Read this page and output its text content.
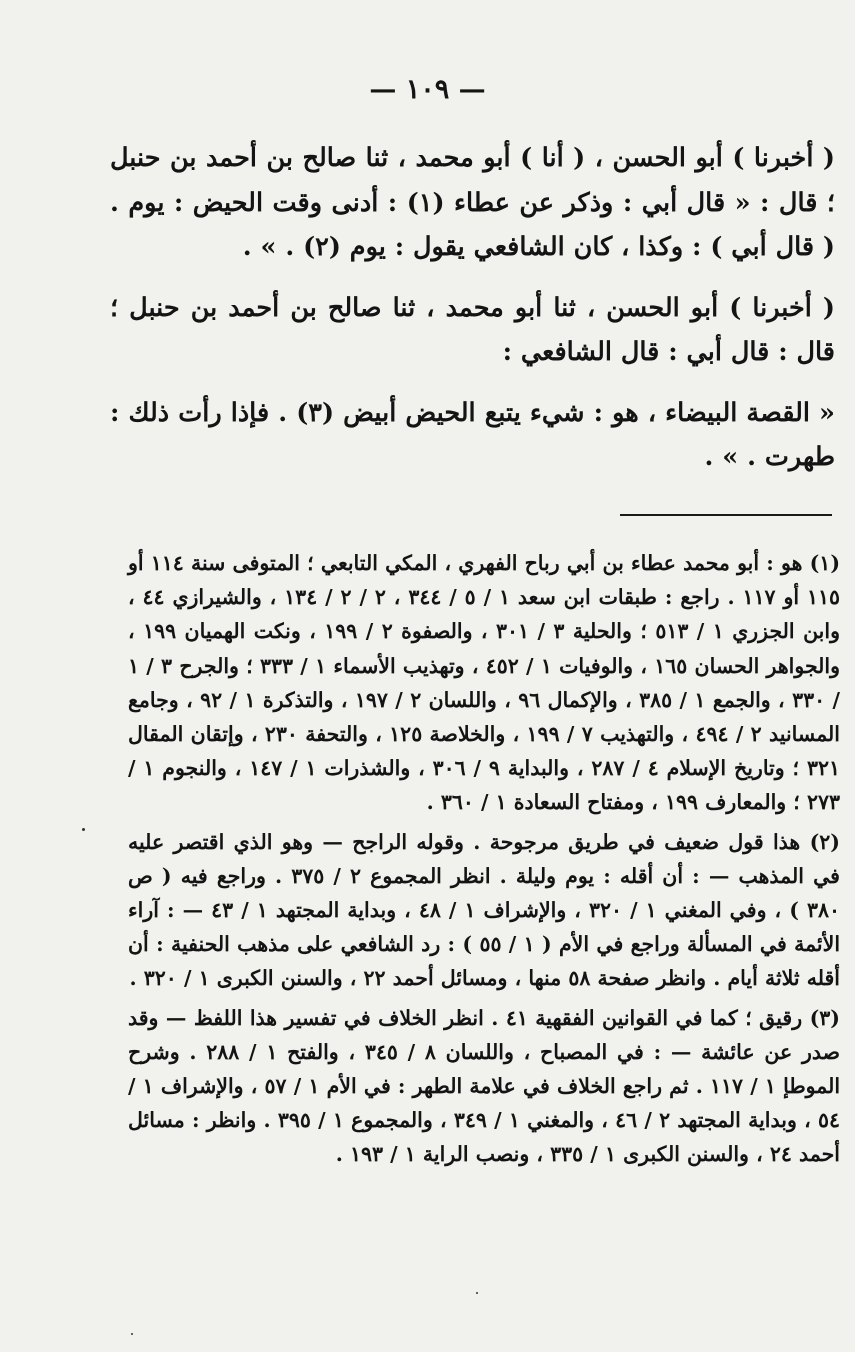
— ١٠٩ —

( أخبرنا ) أبو الحسن ، ( أنا ) أبو محمد ، ثنا صالح بن أحمد بن حنبل ؛ قال : « قال أبي : وذكر عن عطاء (١) : أدنى وقت الحيض : يوم . ( قال أبي ) : وكذا ، كان الشافعي يقول : يوم (٢) . » .

( أخبرنا ) أبو الحسن ، ثنا أبو محمد ، ثنا صالح بن أحمد بن حنبل ؛ قال : قال أبي : قال الشافعي :

« القصة البيضاء ، هو : شيء يتبع الحيض أبيض (٣) . فإذا رأت ذلك : طهرت . » .

(١) هو : أبو محمد عطاء بن أبي رباح الفهري ، المكي التابعي ؛ المتوفى سنة ١١٤ أو ١١٥ أو ١١٧ . راجع : طبقات ابن سعد ١ / ٥ / ٣٤٤ ، ٢ / ٢ / ١٣٤ ، والشيرازي ٤٤ ، وابن الجزري ١ / ٥١٣ ؛ والحلية ٣ / ٣٠١ ، والصفوة ٢ / ١٩٩ ، ونكت الهميان ١٩٩ ، والجواهر الحسان ١٦٥ ، والوفيات ١ / ٤٥٢ ، وتهذيب الأسماء ١ / ٣٣٣ ؛ والجرح ٣ / ١ / ٣٣٠ ، والجمع ١ / ٣٨٥ ، والإكمال ٩٦ ، واللسان ٢ / ١٩٧ ، والتذكرة ١ / ٩٢ ، وجامع المسانيد ٢ / ٤٩٤ ، والتهذيب ٧ / ١٩٩ ، والخلاصة ١٢٥ ، والتحفة ٢٣٠ ، وإتقان المقال ٣٢١ ؛ وتاريخ الإسلام ٤ / ٢٨٧ ، والبداية ٩ / ٣٠٦ ، والشذرات ١ / ١٤٧ ، والنجوم ١ / ٢٧٣ ؛ والمعارف ١٩٩ ، ومفتاح السعادة ١ / ٣٦٠ .

(٢) هذا قول ضعيف في طريق مرجوحة . وقوله الراجح — وهو الذي اقتصر عليه في المذهب — : أن أقله : يوم وليلة . انظر المجموع ٢ / ٣٧٥ . وراجع فيه ( ص ٣٨٠ ) ، وفي المغني ١ / ٣٢٠ ، والإشراف ١ / ٤٨ ، وبداية المجتهد ١ / ٤٣ — : آراء الأئمة في المسألة وراجع في الأم ( ١ / ٥٥ ) : رد الشافعي على مذهب الحنفية : أن أقله ثلاثة أيام . وانظر صفحة ٥٨ منها ، ومسائل أحمد ٢٢ ، والسنن الكبرى ١ / ٣٢٠ .

(٣) رقيق ؛ كما في القوانين الفقهية ٤١ . انظر الخلاف في تفسير هذا اللفظ — وقد صدر عن عائشة — : في المصباح ، واللسان ٨ / ٣٤٥ ، والفتح ١ / ٢٨٨ . وشرح الموطإ ١ / ١١٧ . ثم راجع الخلاف في علامة الطهر : في الأم ١ / ٥٧ ، والإشراف ١ / ٥٤ ، وبداية المجتهد ٢ / ٤٦ ، والمغني ١ / ٣٤٩ ، والمجموع ١ / ٣٩٥ . وانظر : مسائل أحمد ٢٤ ، والسنن الكبرى ١ / ٣٣٥ ، ونصب الراية ١ / ١٩٣ .
